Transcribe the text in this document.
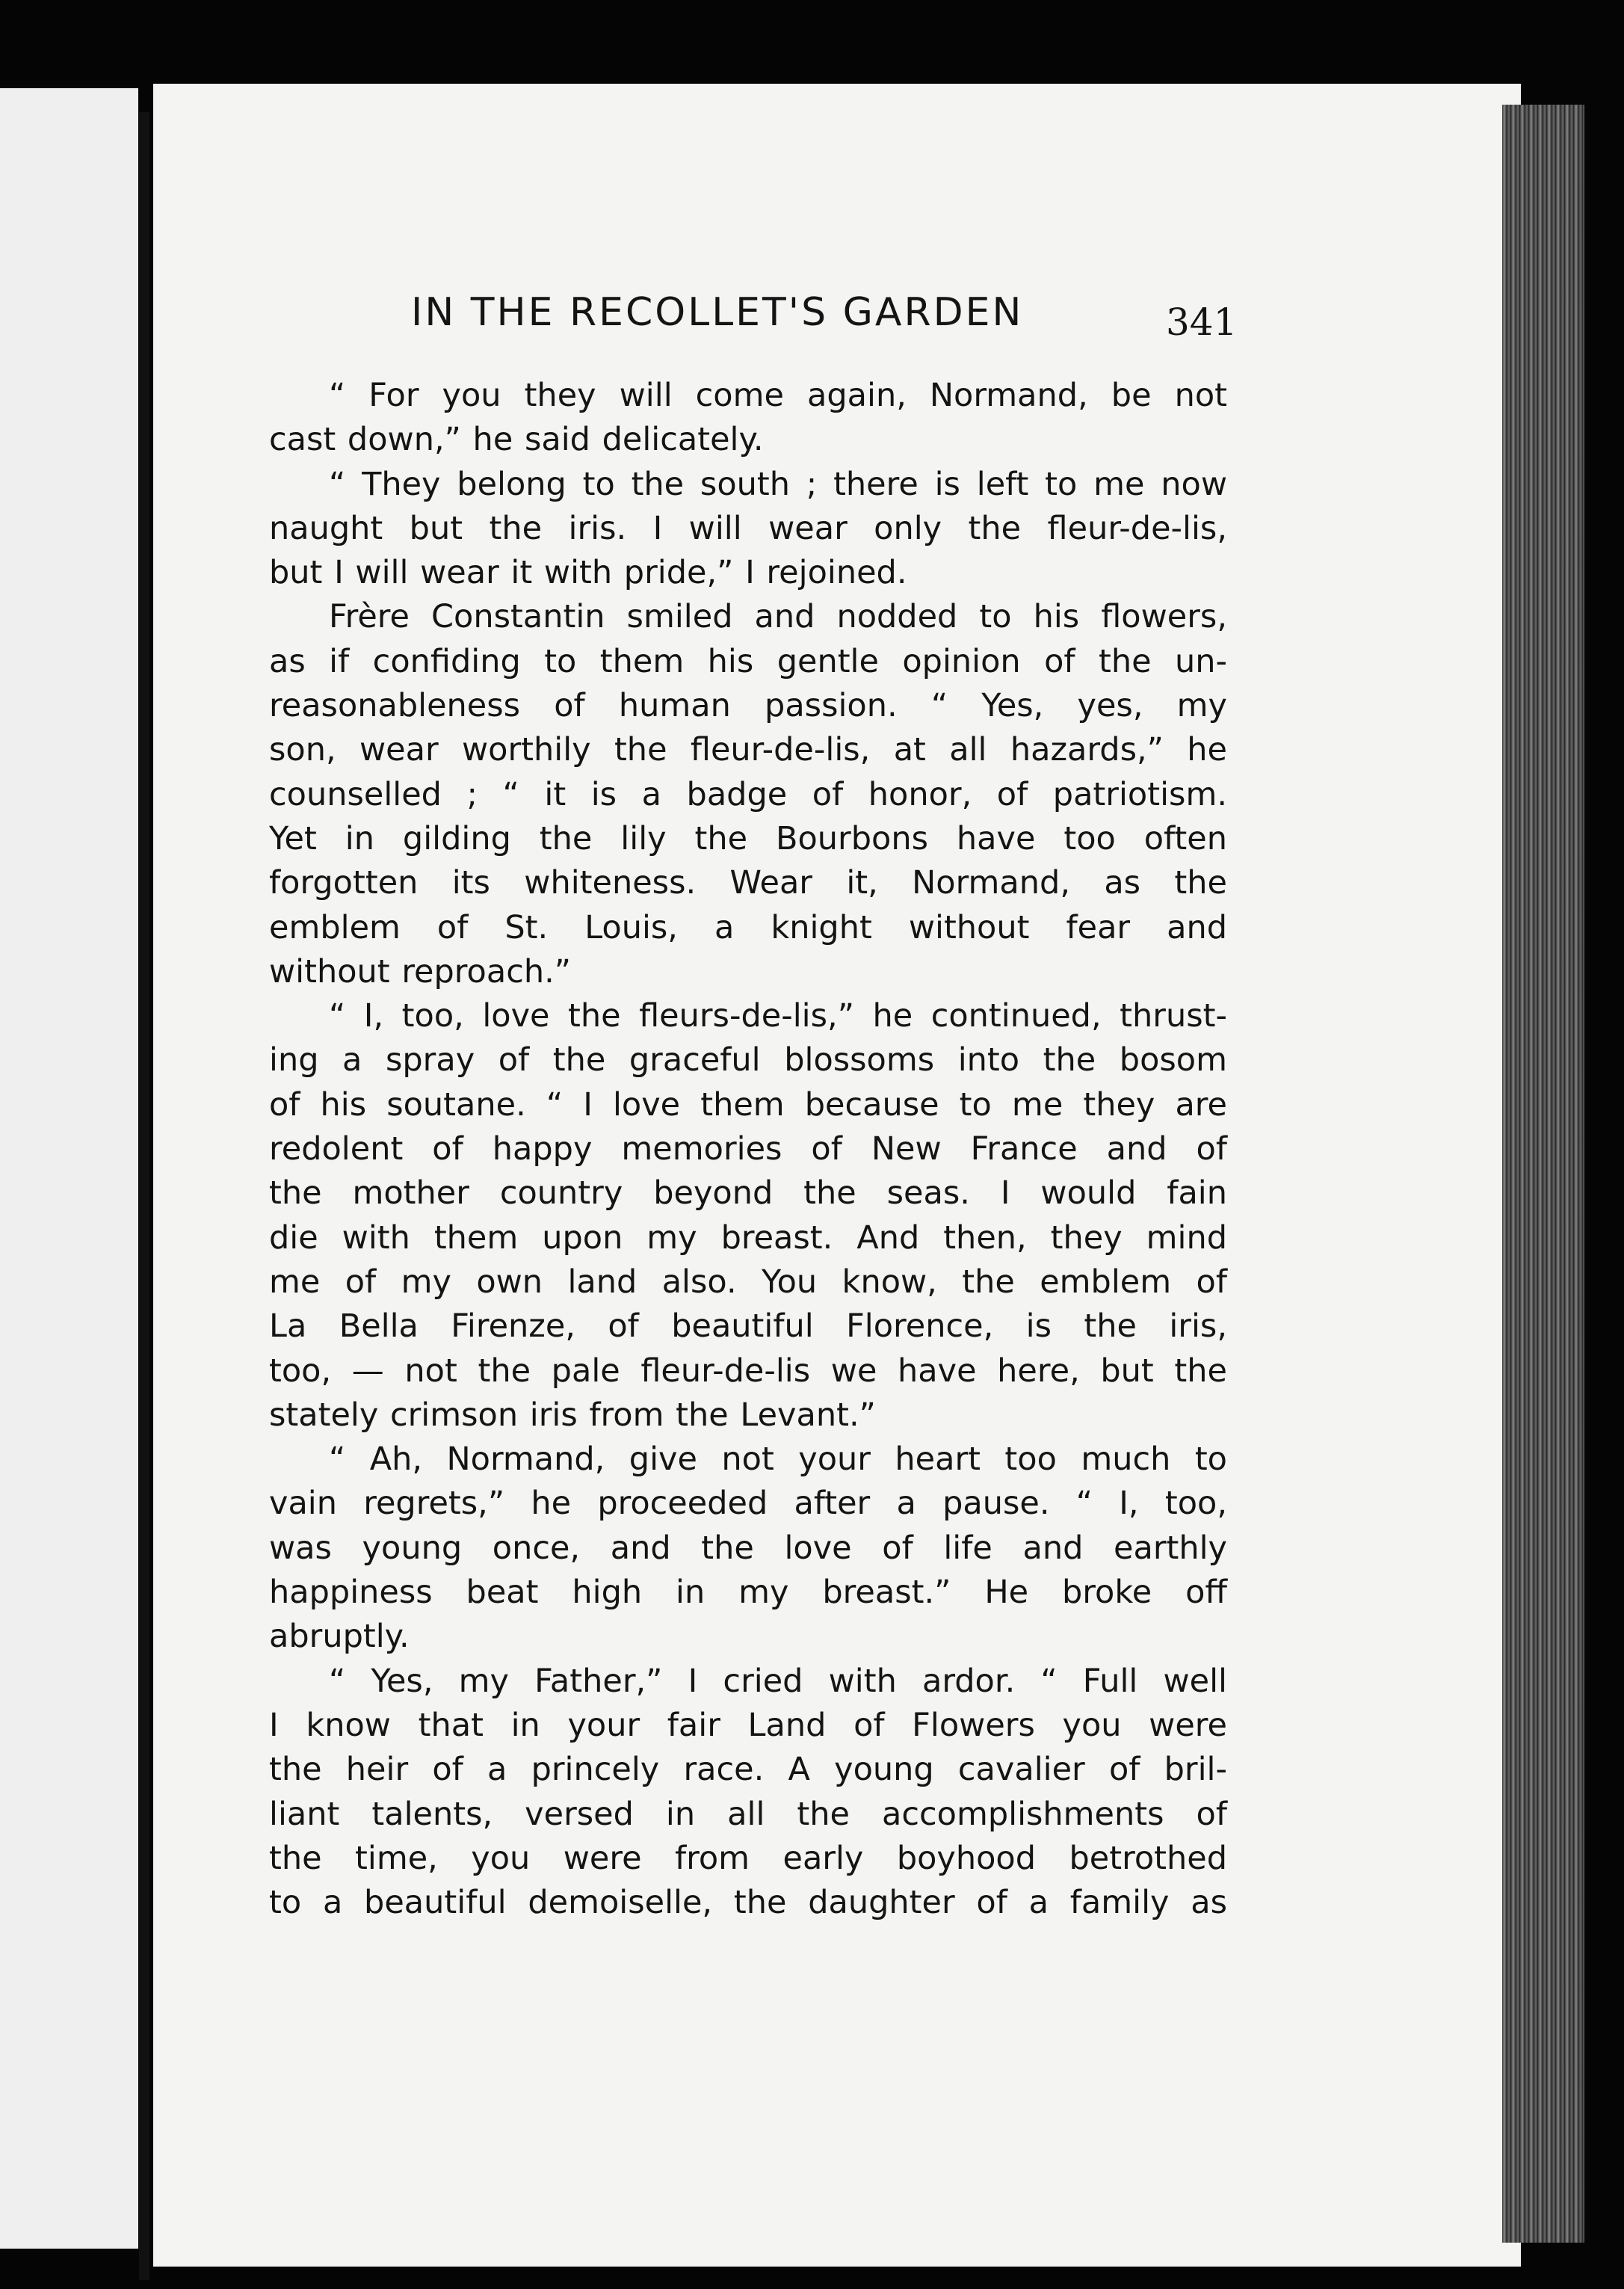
IN THE RECOLLET'S GARDEN	341
“ For you they will come again, Normand, be not
cast down,” he said delicately.
“ They belong to the south ; there is left to me now
naught but the iris. I will wear only the fleur-de-lis,
but I will wear it with pride,” I rejoined.
Frère Constantin smiled and nodded to his flowers,
as if confiding to them his gentle opinion of the un-
reasonableness of human passion. “ Yes, yes, my
son, wear worthily the fleur-de-lis, at all hazards,” he
counselled ; “ it is a badge of honor, of patriotism.
Yet in gilding the lily the Bourbons have too often
forgotten its whiteness. Wear it, Normand, as the
emblem of St. Louis, a knight without fear and
without reproach.”
“ I, too, love the fleurs-de-lis,” he continued, thrust-
ing a spray of the graceful blossoms into the bosom
of his soutane. “ I love them because to me they are
redolent of happy memories of New France and of
the mother country beyond the seas. I would fain
die with them upon my breast. And then, they mind
me of my own land also. You know, the emblem of
La Bella Firenze, of beautiful Florence, is the iris,
too, — not the pale fleur-de-lis we have here, but the
stately crimson iris from the Levant.”
“ Ah, Normand, give not your heart too much to
vain regrets,” he proceeded after a pause. “ I, too,
was young once, and the love of life and earthly
happiness beat high in my breast.” He broke off
abruptly.
“ Yes, my Father,” I cried with ardor. “ Full well
I know that in your fair Land of Flowers you were
the heir of a princely race. A young cavalier of bril-
liant talents, versed in all the accomplishments of
the time, you were from early boyhood betrothed
to a beautiful demoiselle, the daughter of a family as
